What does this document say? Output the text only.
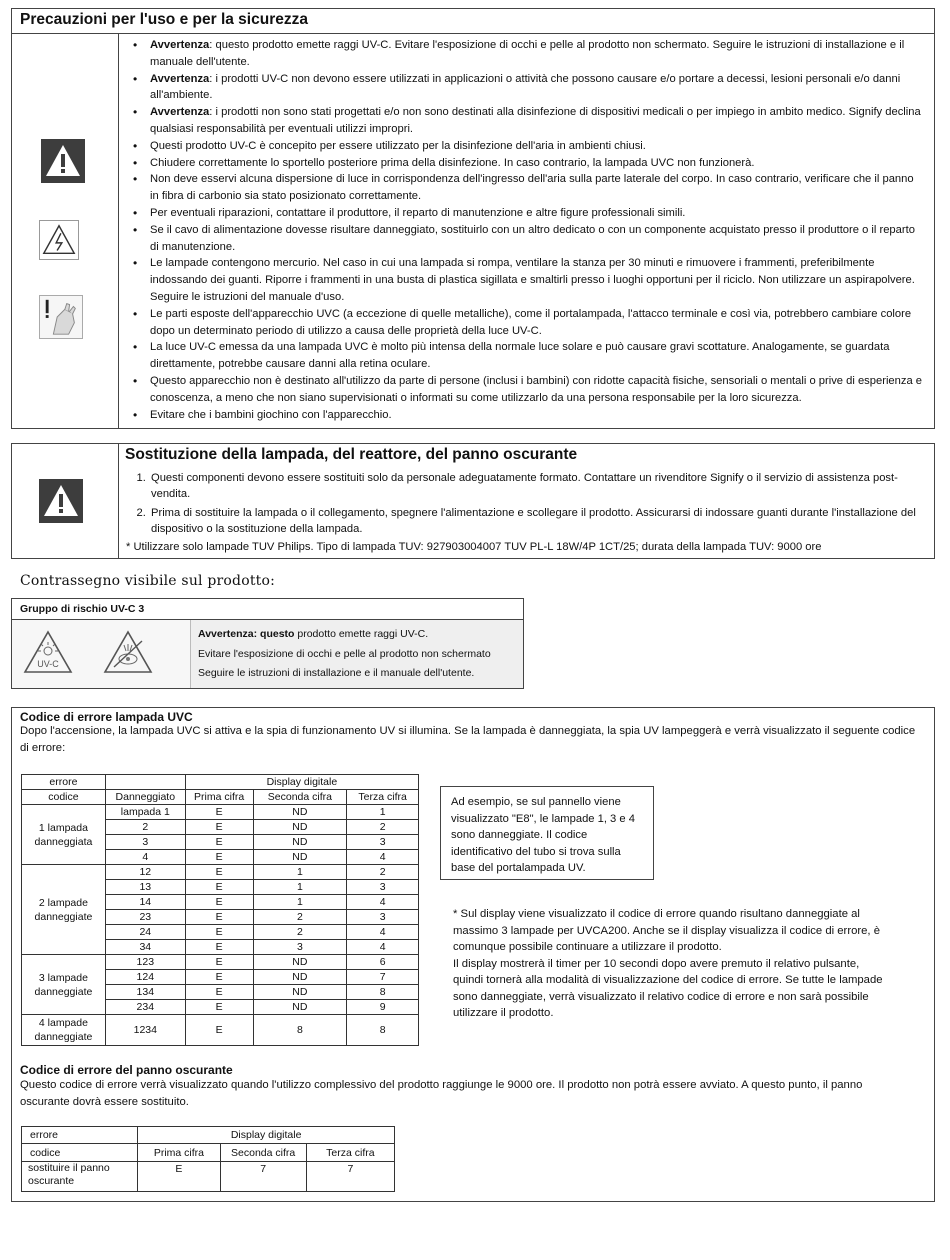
Precauzioni per l'uso e per la sicurezza
• Avvertenza: questo prodotto emette raggi UV-C. Evitare l'esposizione di occhi e pelle al prodotto non schermato. Seguire le istruzioni di installazione e il manuale dell'utente.
• Avvertenza: i prodotti UV-C non devono essere utilizzati in applicazioni o attività che possono causare e/o portare a decessi, lesioni personali e/o danni all'ambiente.
• Avvertenza: i prodotti non sono stati progettati e/o non sono destinati alla disinfezione di dispositivi medicali o per impiego in ambito medico. Signify declina qualsiasi responsabilità per eventuali utilizzi impropri.
• Questi prodotto UV-C è concepito per essere utilizzato per la disinfezione dell'aria in ambienti chiusi.
• Chiudere correttamente lo sportello posteriore prima della disinfezione. In caso contrario, la lampada UVC non funzionerà.
• Non deve esservi alcuna dispersione di luce in corrispondenza dell'ingresso dell'aria sulla parte laterale del corpo. In caso contrario, verificare che il panno in fibra di carbonio sia stato posizionato correttamente.
• Per eventuali riparazioni, contattare il produttore, il reparto di manutenzione e altre figure professionali simili.
• Se il cavo di alimentazione dovesse risultare danneggiato, sostituirlo con un altro dedicato o con un componente acquistato presso il produttore o il reparto di manutenzione.
• Le lampade contengono mercurio. Nel caso in cui una lampada si rompa, ventilare la stanza per 30 minuti e rimuovere i frammenti, preferibilmente indossando dei guanti. Riporre i frammenti in una busta di plastica sigillata e smaltirli presso i luoghi opportuni per il riciclo. Non utilizzare un aspirapolvere. Seguire le istruzioni del manuale d'uso.
• Le parti esposte dell'apparecchio UVC (a eccezione di quelle metalliche), come il portalampada, l'attacco terminale e così via, potrebbero cambiare colore dopo un determinato periodo di utilizzo a causa delle proprietà della luce UV-C.
• La luce UV-C emessa da una lampada UVC è molto più intensa della normale luce solare e può causare gravi scottature. Analogamente, se guardata direttamente, potrebbe causare danni alla retina oculare.
• Questo apparecchio non è destinato all'utilizzo da parte di persone (inclusi i bambini) con ridotte capacità fisiche, sensoriali o mentali o prive di esperienza e conoscenza, a meno che non siano supervisionati o informati su come utilizzarlo da una persona responsabile per la loro sicurezza.
• Evitare che i bambini giochino con l'apparecchio.
Sostituzione della lampada, del reattore, del panno oscurante
1. Questi componenti devono essere sostituiti solo da personale adeguatamente formato. Contattare un rivenditore Signify o il servizio di assistenza post-vendita.
2. Prima di sostituire la lampada o il collegamento, spegnere l'alimentazione e scollegare il prodotto. Assicurarsi di indossare guanti durante l'installazione del dispositivo o la sostituzione della lampada.
* Utilizzare solo lampade TUV Philips. Tipo di lampada TUV: 927903004007 TUV PL-L 18W/4P 1CT/25; durata della lampada TUV: 9000 ore
Contrassegno visibile sul prodotto:
Gruppo di rischio UV-C 3
UV-C
Avvertenza: questo prodotto emette raggi UV-C.
Evitare l'esposizione di occhi e pelle al prodotto non schermato
Seguire le istruzioni di installazione e il manuale dell'utente.
Codice di errore lampada UVC
Dopo l'accensione, la lampada UVC si attiva e la spia di funzionamento UV si illumina. Se la lampada è danneggiata, la spia UV lampeggerà e verrà visualizzato il seguente codice di errore:
errore		Display digitale		
codice	Danneggiato	Prima cifra	Seconda cifra	Terza cifra
1 lampada danneggiata	lampada 1	E	ND	1
	2	E	ND	2
	3	E	ND	3
	4	E	ND	4
2 lampade danneggiate	12	E	1	2
	13	E	1	3
	14	E	1	4
	23	E	2	3
	24	E	2	4
	34	E	3	4
3 lampade danneggiate	123	E	ND	6
	124	E	ND	7
	134	E	ND	8
	234	E	ND	9
4 lampade danneggiate	1234	E	8	8
Ad esempio, se sul pannello viene visualizzato "E8", le lampade 1, 3 e 4 sono danneggiate. Il codice identificativo del tubo si trova sulla base del portalampada UV.
* Sul display viene visualizzato il codice di errore quando risultano danneggiate al massimo 3 lampade per UVCA200. Anche se il display visualizza il codice di errore, è comunque possibile continuare a utilizzare il prodotto.
Il display mostrerà il timer per 10 secondi dopo avere premuto il relativo pulsante, quindi tornerà alla modalità di visualizzazione del codice di errore. Se tutte le lampade sono danneggiate, verrà visualizzato il relativo codice di errore e non sarà possibile utilizzare il prodotto.
Codice di errore del panno oscurante
Questo codice di errore verrà visualizzato quando l'utilizzo complessivo del prodotto raggiunge le 9000 ore. Il prodotto non potrà essere avviato. A questo punto, il panno oscurante dovrà essere sostituito.
errore	Display digitale		
codice	Prima cifra	Seconda cifra	Terza cifra
sostituire il panno oscurante	E	7	7
